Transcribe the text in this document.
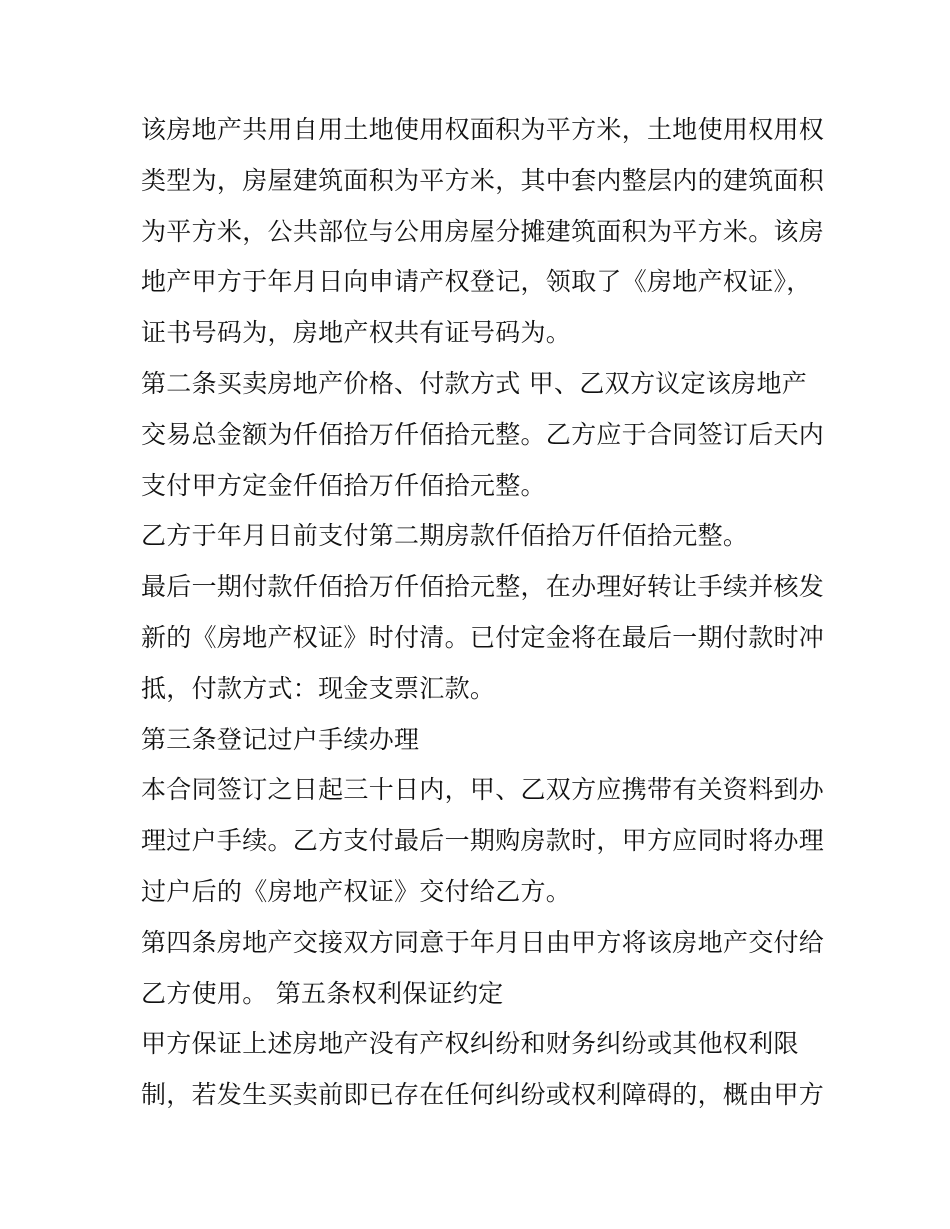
该房地产共用自用土地使用权面积为平方米，土地使用权用权
类型为，房屋建筑面积为平方米，其中套内整层内的建筑面积
为平方米，公共部位与公用房屋分摊建筑面积为平方米。该房
地产甲方于年月日向申请产权登记，领取了《房地产权证》，
证书号码为，房地产权共有证号码为。
第二条买卖房地产价格、付款方式 甲、乙双方议定该房地产
交易总金额为仟佰拾万仟佰拾元整。乙方应于合同签订后天内
支付甲方定金仟佰拾万仟佰拾元整。
乙方于年月日前支付第二期房款仟佰拾万仟佰拾元整。
最后一期付款仟佰拾万仟佰拾元整，在办理好转让手续并核发
新的《房地产权证》时付清。已付定金将在最后一期付款时冲
抵，付款方式：现金支票汇款。
第三条登记过户手续办理
本合同签订之日起三十日内，甲、乙双方应携带有关资料到办
理过户手续。乙方支付最后一期购房款时，甲方应同时将办理
过户后的《房地产权证》交付给乙方。
第四条房地产交接双方同意于年月日由甲方将该房地产交付给
乙方使用。 第五条权利保证约定
甲方保证上述房地产没有产权纠纷和财务纠纷或其他权利限
制，若发生买卖前即已存在任何纠纷或权利障碍的，概由甲方
